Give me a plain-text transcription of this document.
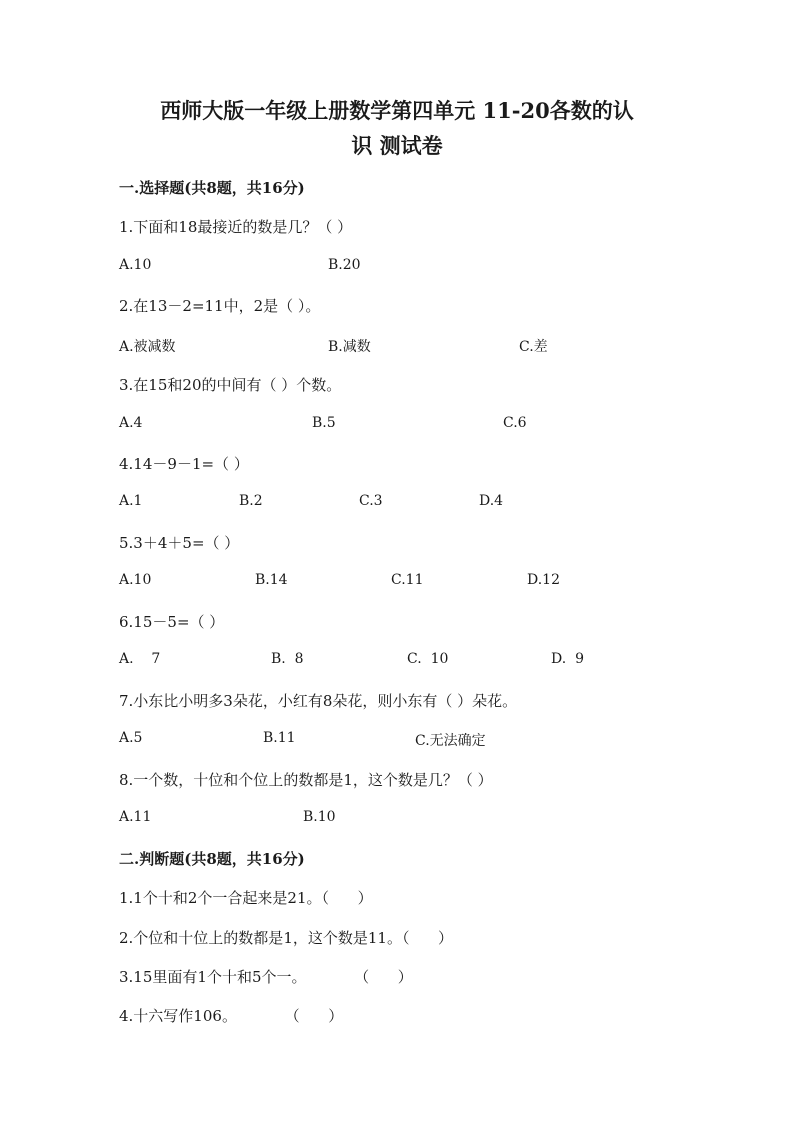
西师大版一年级上册数学第四单元 11-20各数的认
识 测试卷
一.选择题(共8题，共16分)
1.下面和18最接近的数是几？（ ）
A.10	B.20
2.在13－2=11中，2是（ ）。
A.被减数	B.减数	C.差
3.在15和20的中间有（ ）个数。
A.4	B.5	C.6
4.14－9－1=（ ）
A.1	B.2	C.3	D.4
5.3＋4＋5=（ ）
A.10	B.14	C.11	D.12
6.15－5=（ ）
A.    7	B.  8	C.  10	D.  9
7.小东比小明多3朵花，小红有8朵花，则小东有（ ）朵花。
A.5	B.11	C.无法确定
8.一个数，十位和个位上的数都是1，这个数是几？（ ）
A.11	B.10
二.判断题(共8题，共16分)
1.1个十和2个一合起来是21。（      ）
2.个位和十位上的数都是1，这个数是11。（      ）
3.15里面有1个十和5个一。          （      ）
4.十六写作106。          （      ）
